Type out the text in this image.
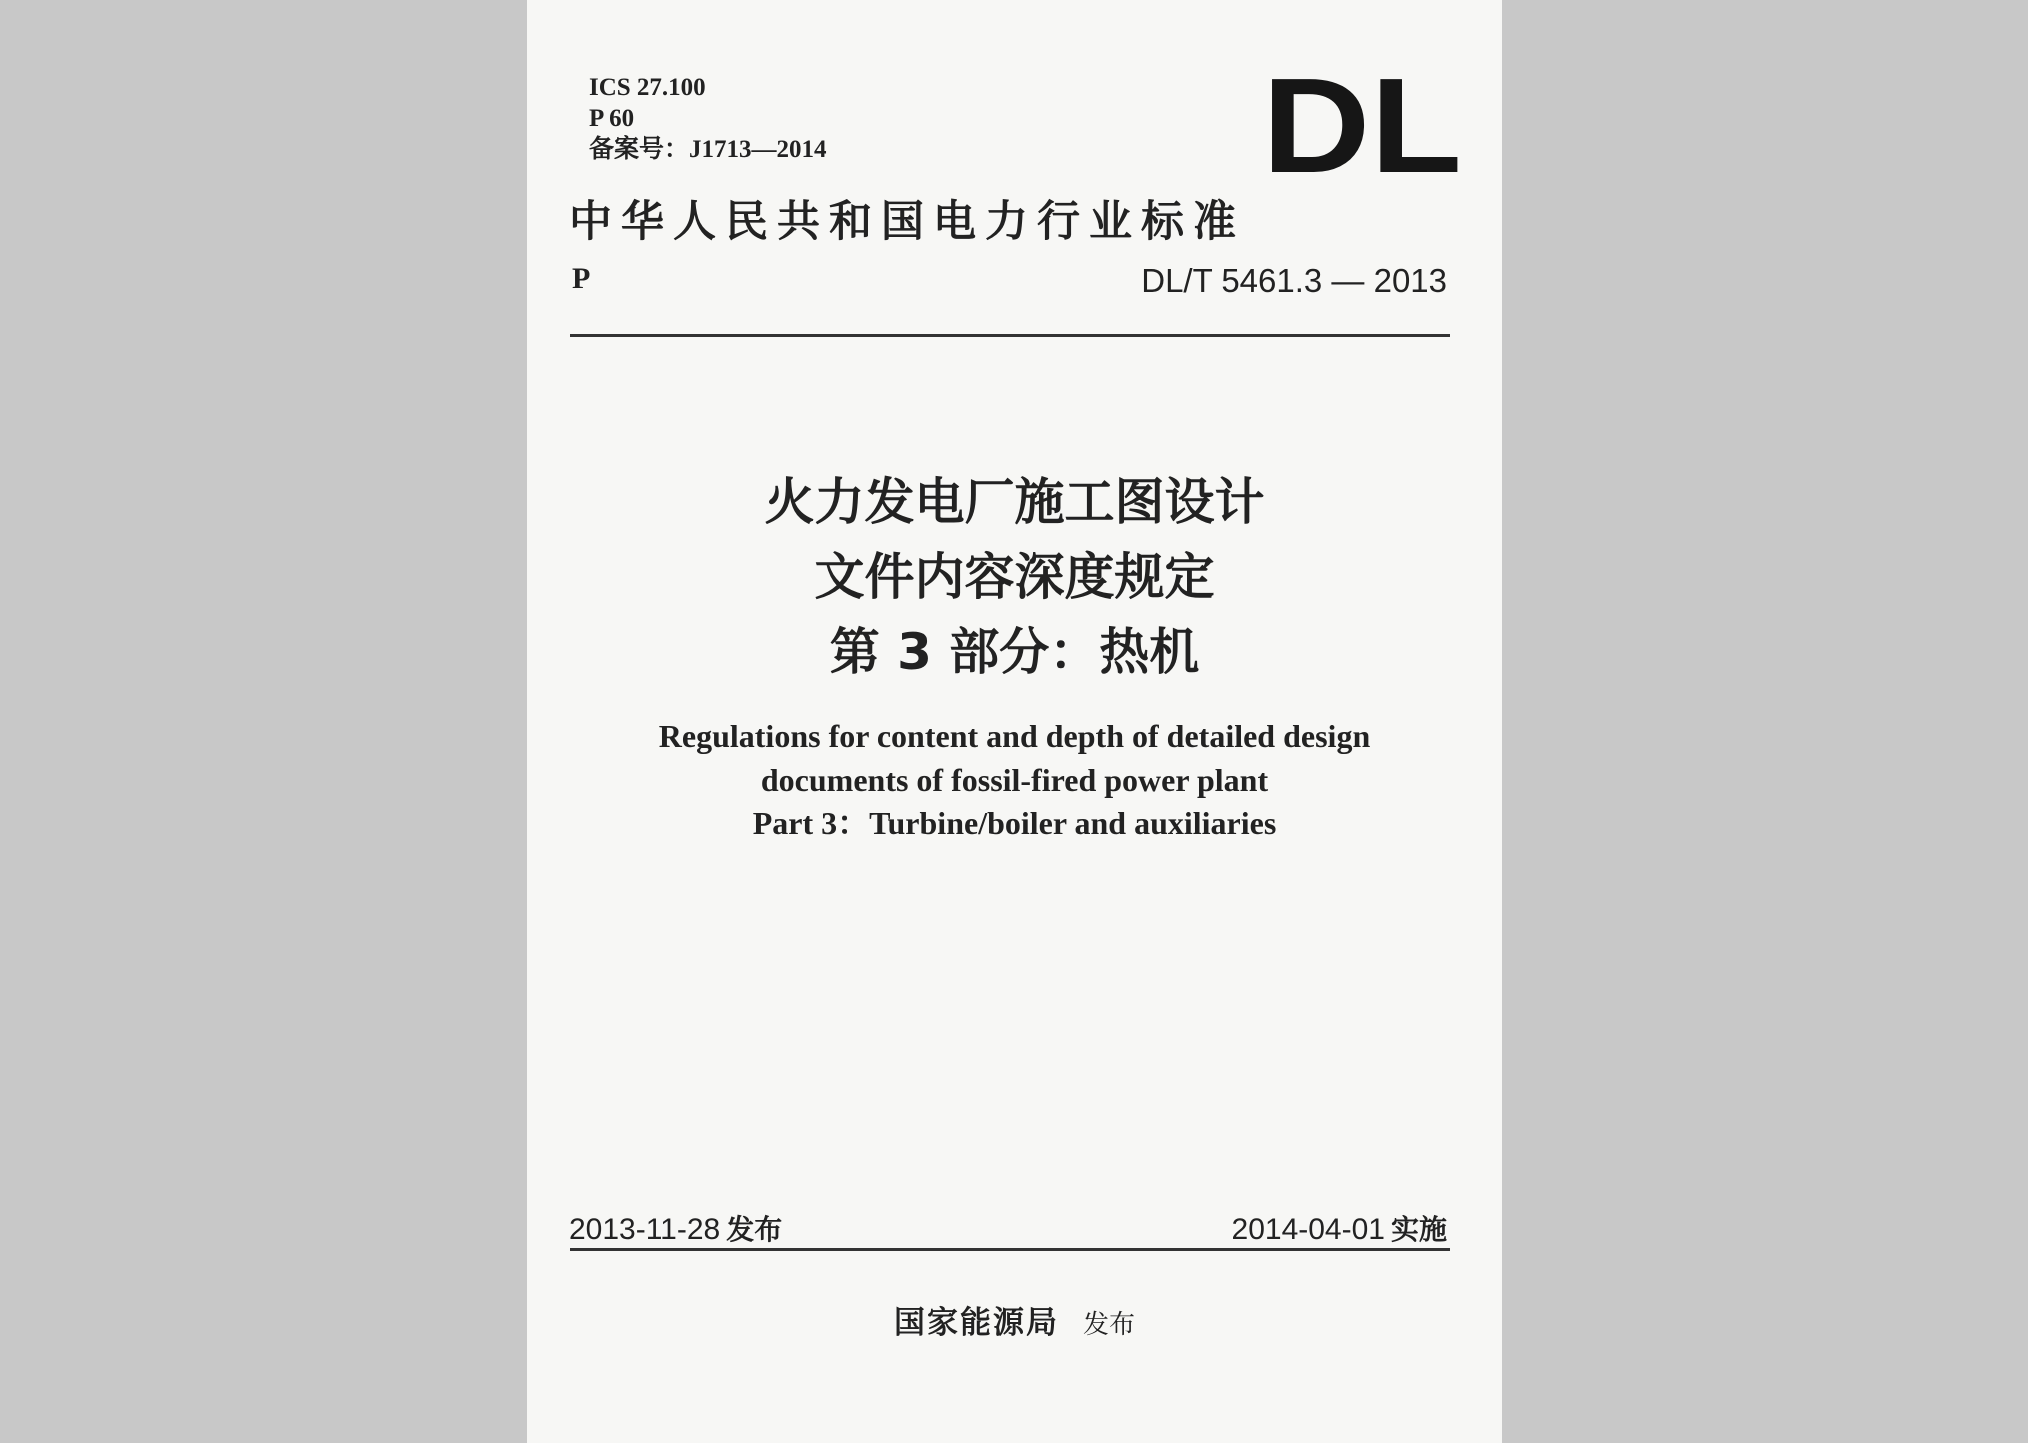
ICS 27.100
P 60
备案号：J1713—2014	DL
中华人民共和国电力行业标准
P	DL/T 5461.3 — 2013
火力发电厂施工图设计
文件内容深度规定
第 3 部分：热机
Regulations for content and depth of detailed design
documents of fossil-fired power plant
Part 3：Turbine/boiler and auxiliaries
2013-11-28 发布	2014-04-01 实施
国家能源局 发布
